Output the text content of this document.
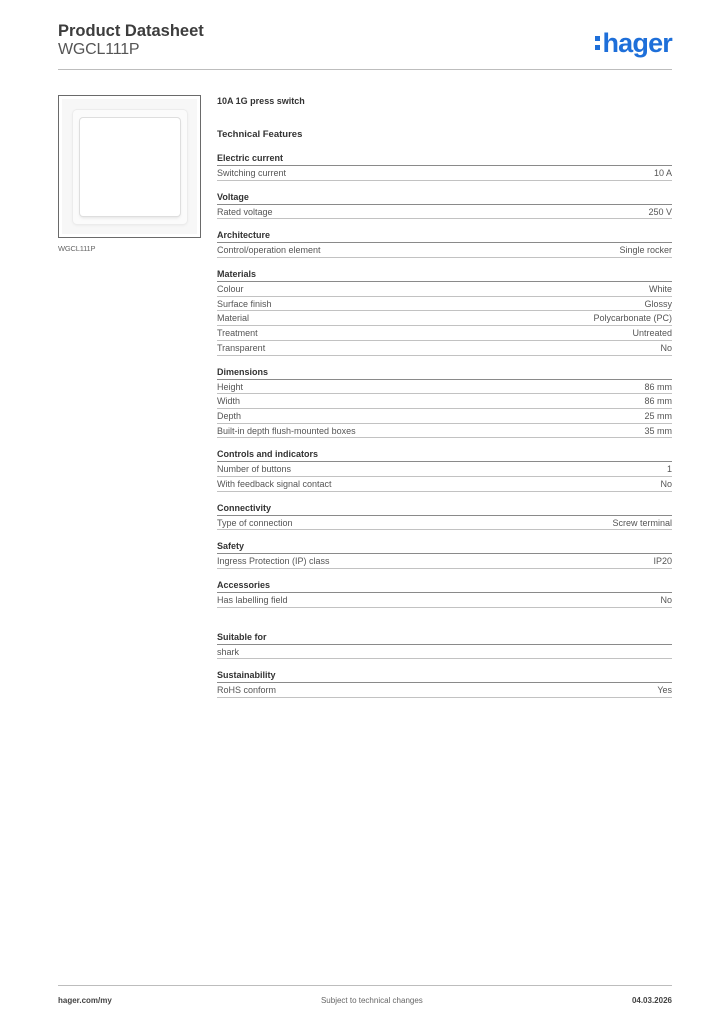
Product Datasheet
WGCL111P	hager
WGCL111P
10A 1G press switch
Technical Features
Electric current
Switching current	10 A
Voltage
Rated voltage	250 V
Architecture
Control/operation element	Single rocker
Materials
Colour	White
Surface finish	Glossy
Material	Polycarbonate (PC)
Treatment	Untreated
Transparent	No
Dimensions
Height	86 mm
Width	86 mm
Depth	25 mm
Built-in depth flush-mounted boxes	35 mm
Controls and indicators
Number of buttons	1
With feedback signal contact	No
Connectivity
Type of connection	Screw terminal
Safety
Ingress Protection (IP) class	IP20
Accessories
Has labelling field	No
Suitable for
shark
Sustainability
RoHS conform	Yes
hager.com/my	Subject to technical changes	04.03.2026
